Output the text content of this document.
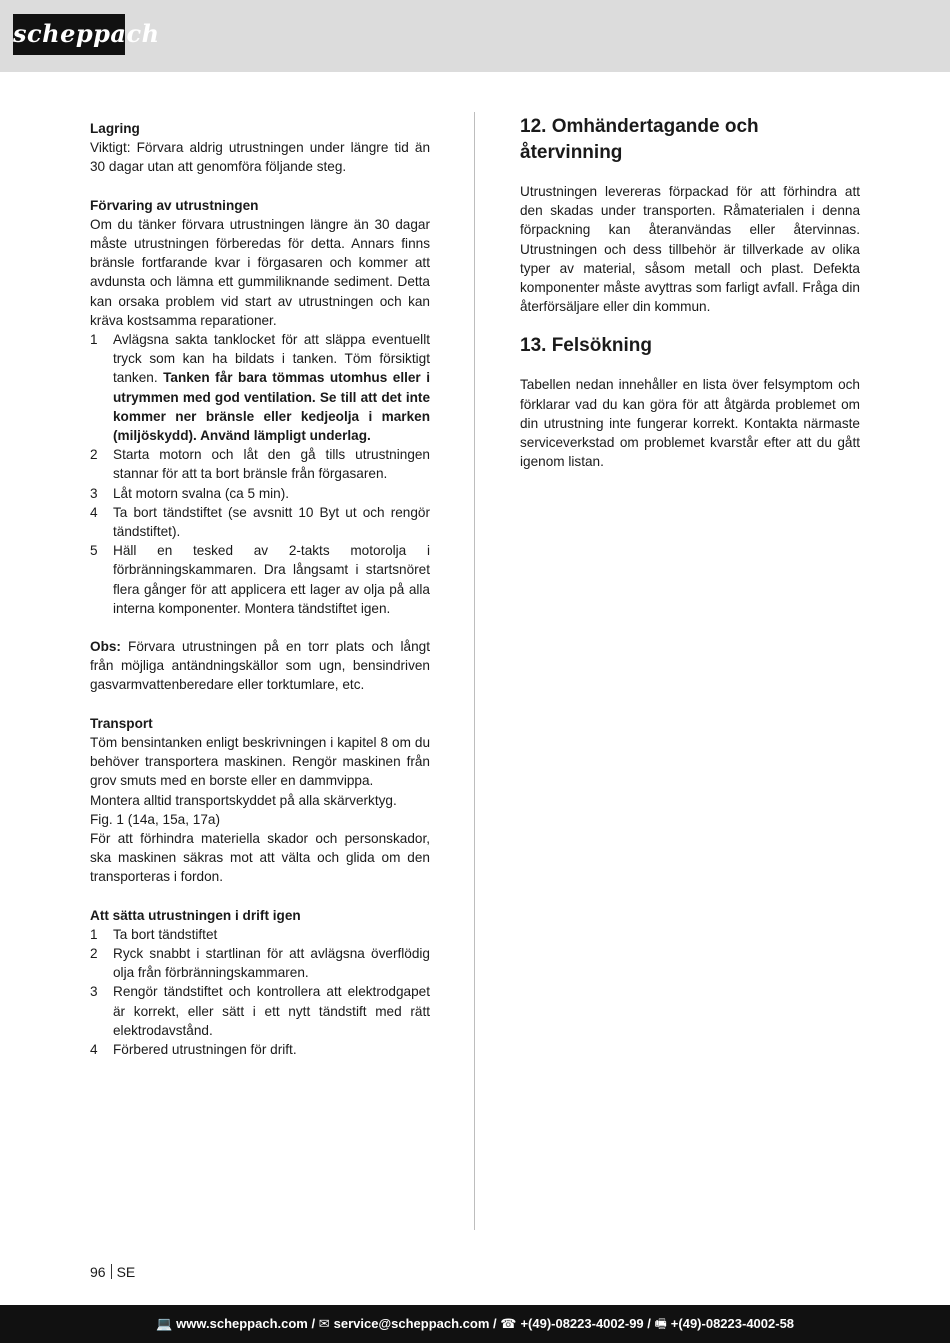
scheppach

Lagring

Viktigt: Förvara aldrig utrustningen under längre tid än 30 dagar utan att genomföra följande steg.

Förvaring av utrustningen

Om du tänker förvara utrustningen längre än 30 dagar måste utrustningen förberedas för detta. Annars finns bränsle fortfarande kvar i förgasaren och kommer att avdunsta och lämna ett gummiliknande sediment. Detta kan orsaka problem vid start av utrustningen och kan kräva kostsamma reparationer.

1 Avlägsna sakta tanklocket för att släppa eventuellt tryck som kan ha bildats i tanken. Töm försiktigt tanken. Tanken får bara tömmas utomhus eller i utrymmen med god ventilation. Se till att det inte kommer ner bränsle eller kedjeolja i marken (miljöskydd). Använd lämpligt underlag.
2 Starta motorn och låt den gå tills utrustningen stannar för att ta bort bränsle från förgasaren.
3 Låt motorn svalna (ca 5 min).
4 Ta bort tändstiftet (se avsnitt 10 Byt ut och rengör tändstiftet).
5 Häll en tesked av 2-takts motorolja i förbränningskammaren. Dra långsamt i startsnöret flera gånger för att applicera ett lager av olja på alla interna komponenter. Montera tändstiftet igen.

Obs: Förvara utrustningen på en torr plats och långt från möjliga antändningskällor som ugn, bensindriven gasvarmvattenberedare eller torktumlare, etc.

Transport

Töm bensintanken enligt beskrivningen i kapitel 8 om du behöver transportera maskinen. Rengör maskinen från grov smuts med en borste eller en dammvippa.

Montera alltid transportskyddet på alla skärverktyg.

Fig. 1 (14a, 15a, 17a)

För att förhindra materiella skador och personskador, ska maskinen säkras mot att välta och glida om den transporteras i fordon.

Att sätta utrustningen i drift igen

1 Ta bort tändstiftet
2 Ryck snabbt i startlinan för att avlägsna överflödig olja från förbränningskammaren.
3 Rengör tändstiftet och kontrollera att elektrodgapet är korrekt, eller sätt i ett nytt tändstift med rätt elektrodavstånd.
4 Förbered utrustningen för drift.
12. Omhändertagande och återvinning

Utrustningen levereras förpackad för att förhindra att den skadas under transporten. Råmaterialen i denna förpackning kan återanvändas eller återvinnas. Utrustningen och dess tillbehör är tillverkade av olika typer av material, såsom metall och plast. Defekta komponenter måste avyttras som farligt avfall. Fråga din återförsäljare eller din kommun.

13. Felsökning

Tabellen nedan innehåller en lista över felsymptom och förklarar vad du kan göra för att åtgärda problemet om din utrustning inte fungerar korrekt. Kontakta närmaste serviceverkstad om problemet kvarstår efter att du gått igenom listan.

96 SE
💻 www.scheppach.com / ✉ service@scheppach.com / ☎ +(49)-08223-4002-99 / 🖷 +(49)-08223-4002-58
